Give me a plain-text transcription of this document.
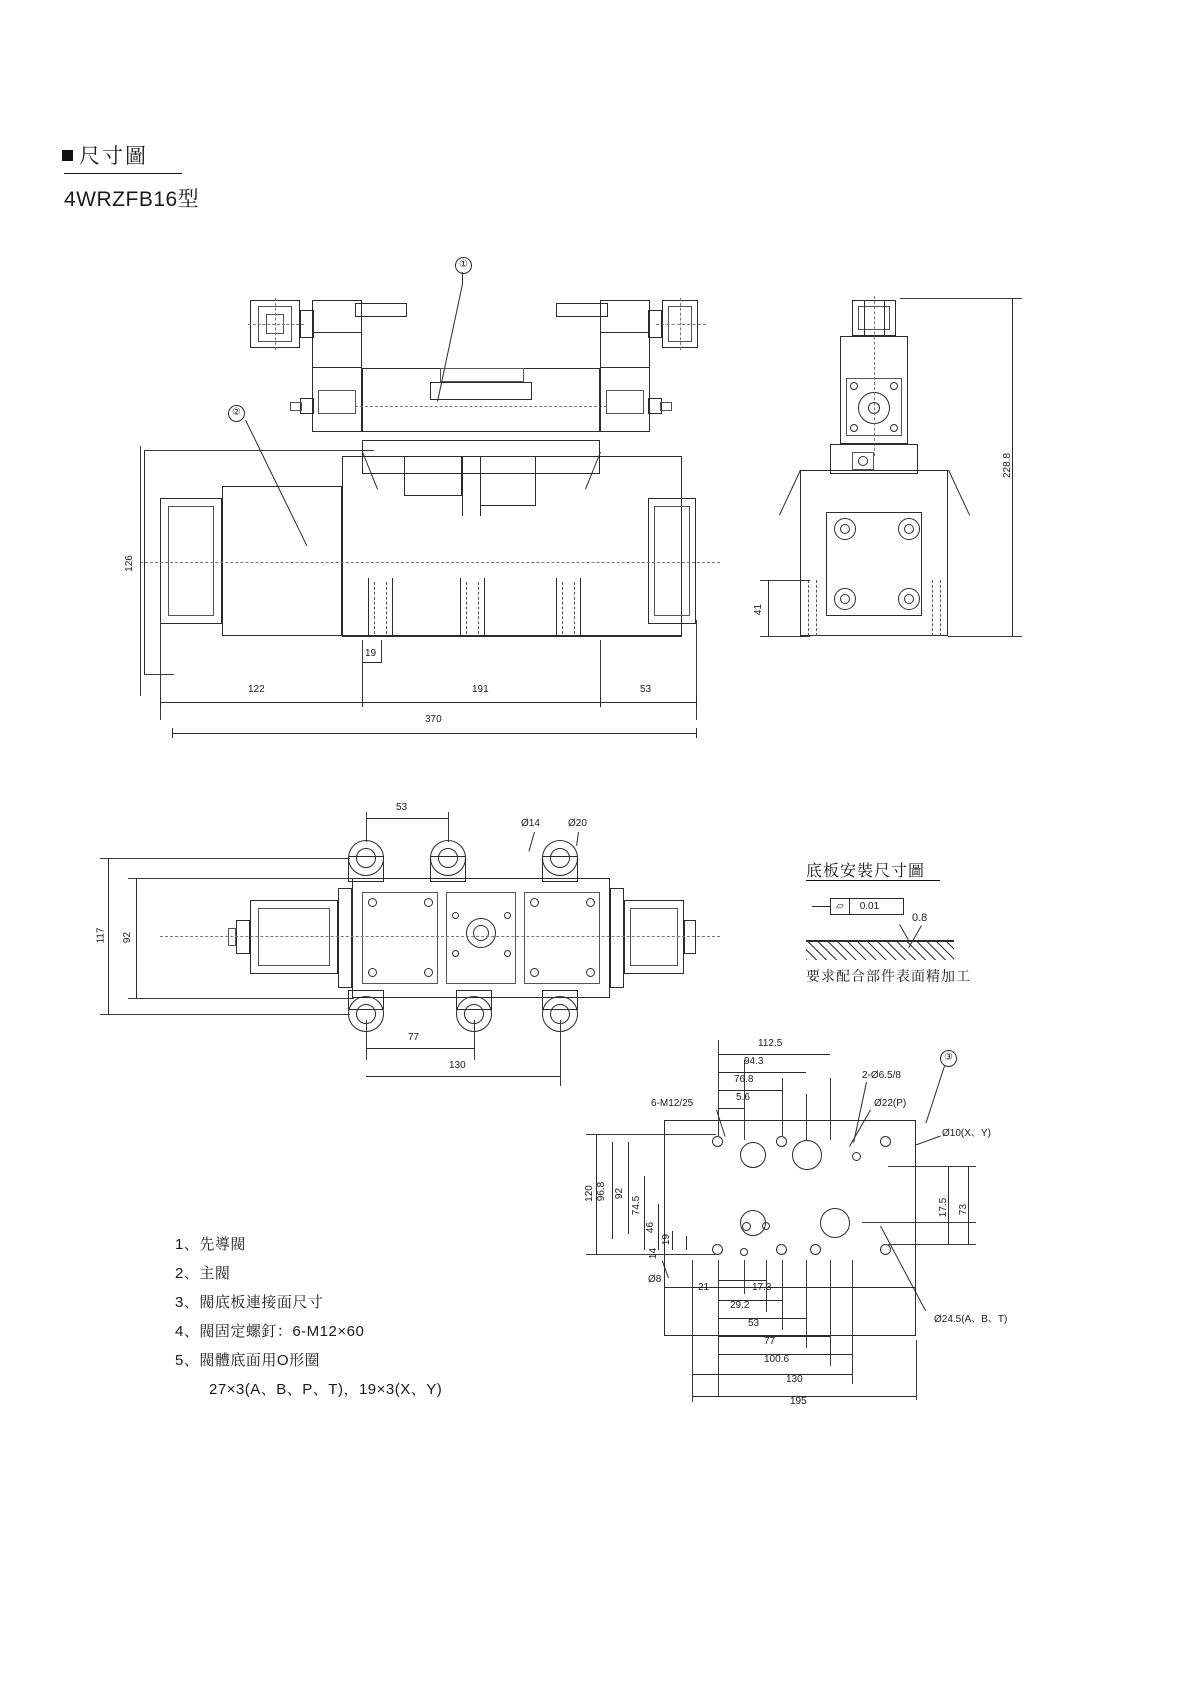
尺寸圖
4WRZFB16型
①
②
126
19
122	191	53
370
228.8
41
53
Ø14	Ø20
117 92
77
130
底板安裝尺寸圖
▱	0.01
0.8
要求配合部件表面精加工
③
6-M12/25
2-Ø6.5/8
Ø22(P)
Ø10(X、Y)
Ø24.5(A、B、T)
Ø8
112.5
94.3
76.8
5.6
120 96.8 92
74.5
46
19
14
17.5 73
21	17.3
29.2
53
77
100.6
130
195
1、先導閥
2、主閥
3、閥底板連接面尺寸
4、閥固定螺釘：6-M12×60
5、閥體底面用O形圈
27×3(A、B、P、T)，19×3(X、Y)
